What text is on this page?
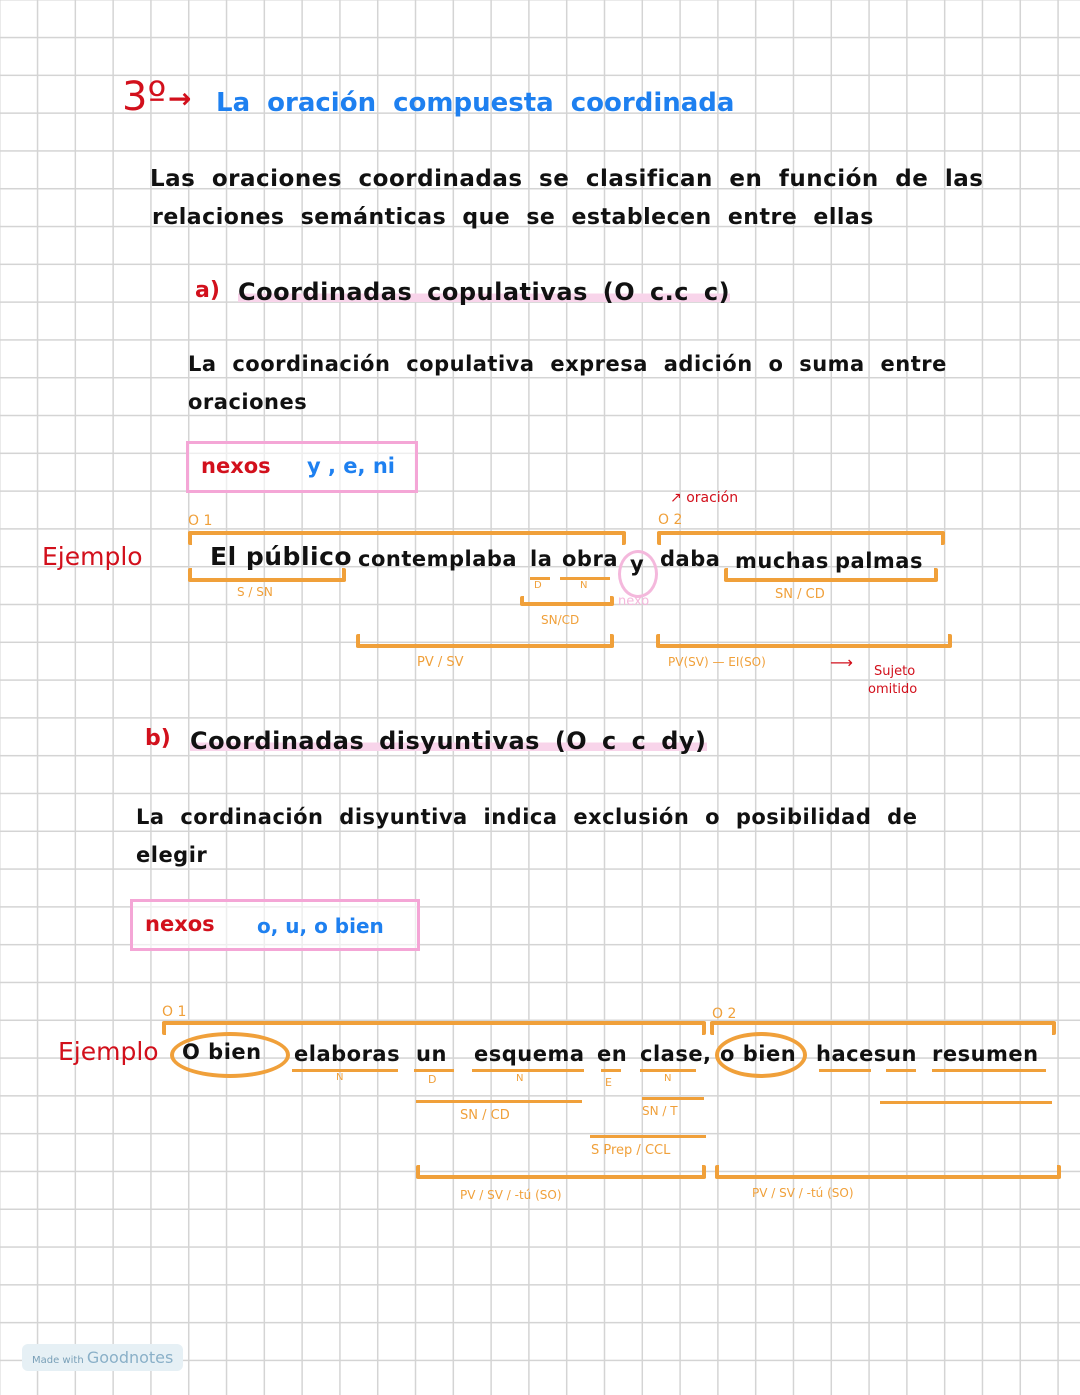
3º → La oración compuesta coordinada
Las oraciones coordinadas se clasifican en función de las
relaciones semánticas que se establecen entre ellas
a) Coordinadas copulativas (O c.c c)
La coordinación copulativa expresa adición o suma entre
oraciones
nexos y , e, ni
Ejemplo
O 1	O 2
↗ oración
El público contemplaba la obra y daba muchas palmas
S / SN	D	N
SN/CD
nexo	SN / CD
PV / SV	PV(SV) — EI(SO)	⟶ Sujeto
omitido
b) Coordinadas disyuntivas (O c c dy)
La cordinación disyuntiva indica exclusión o posibilidad de
elegir
nexos o, u, o bien
Ejemplo
O 1	O 2
O bien elaboras un esquema en clase, o bien haces un resumen
N	D	N	E	N
SN / CD	SN / T
S Prep / CCL
PV / SV / -tú (SO)	PV / SV / -tú (SO)
Made with Goodnotes
